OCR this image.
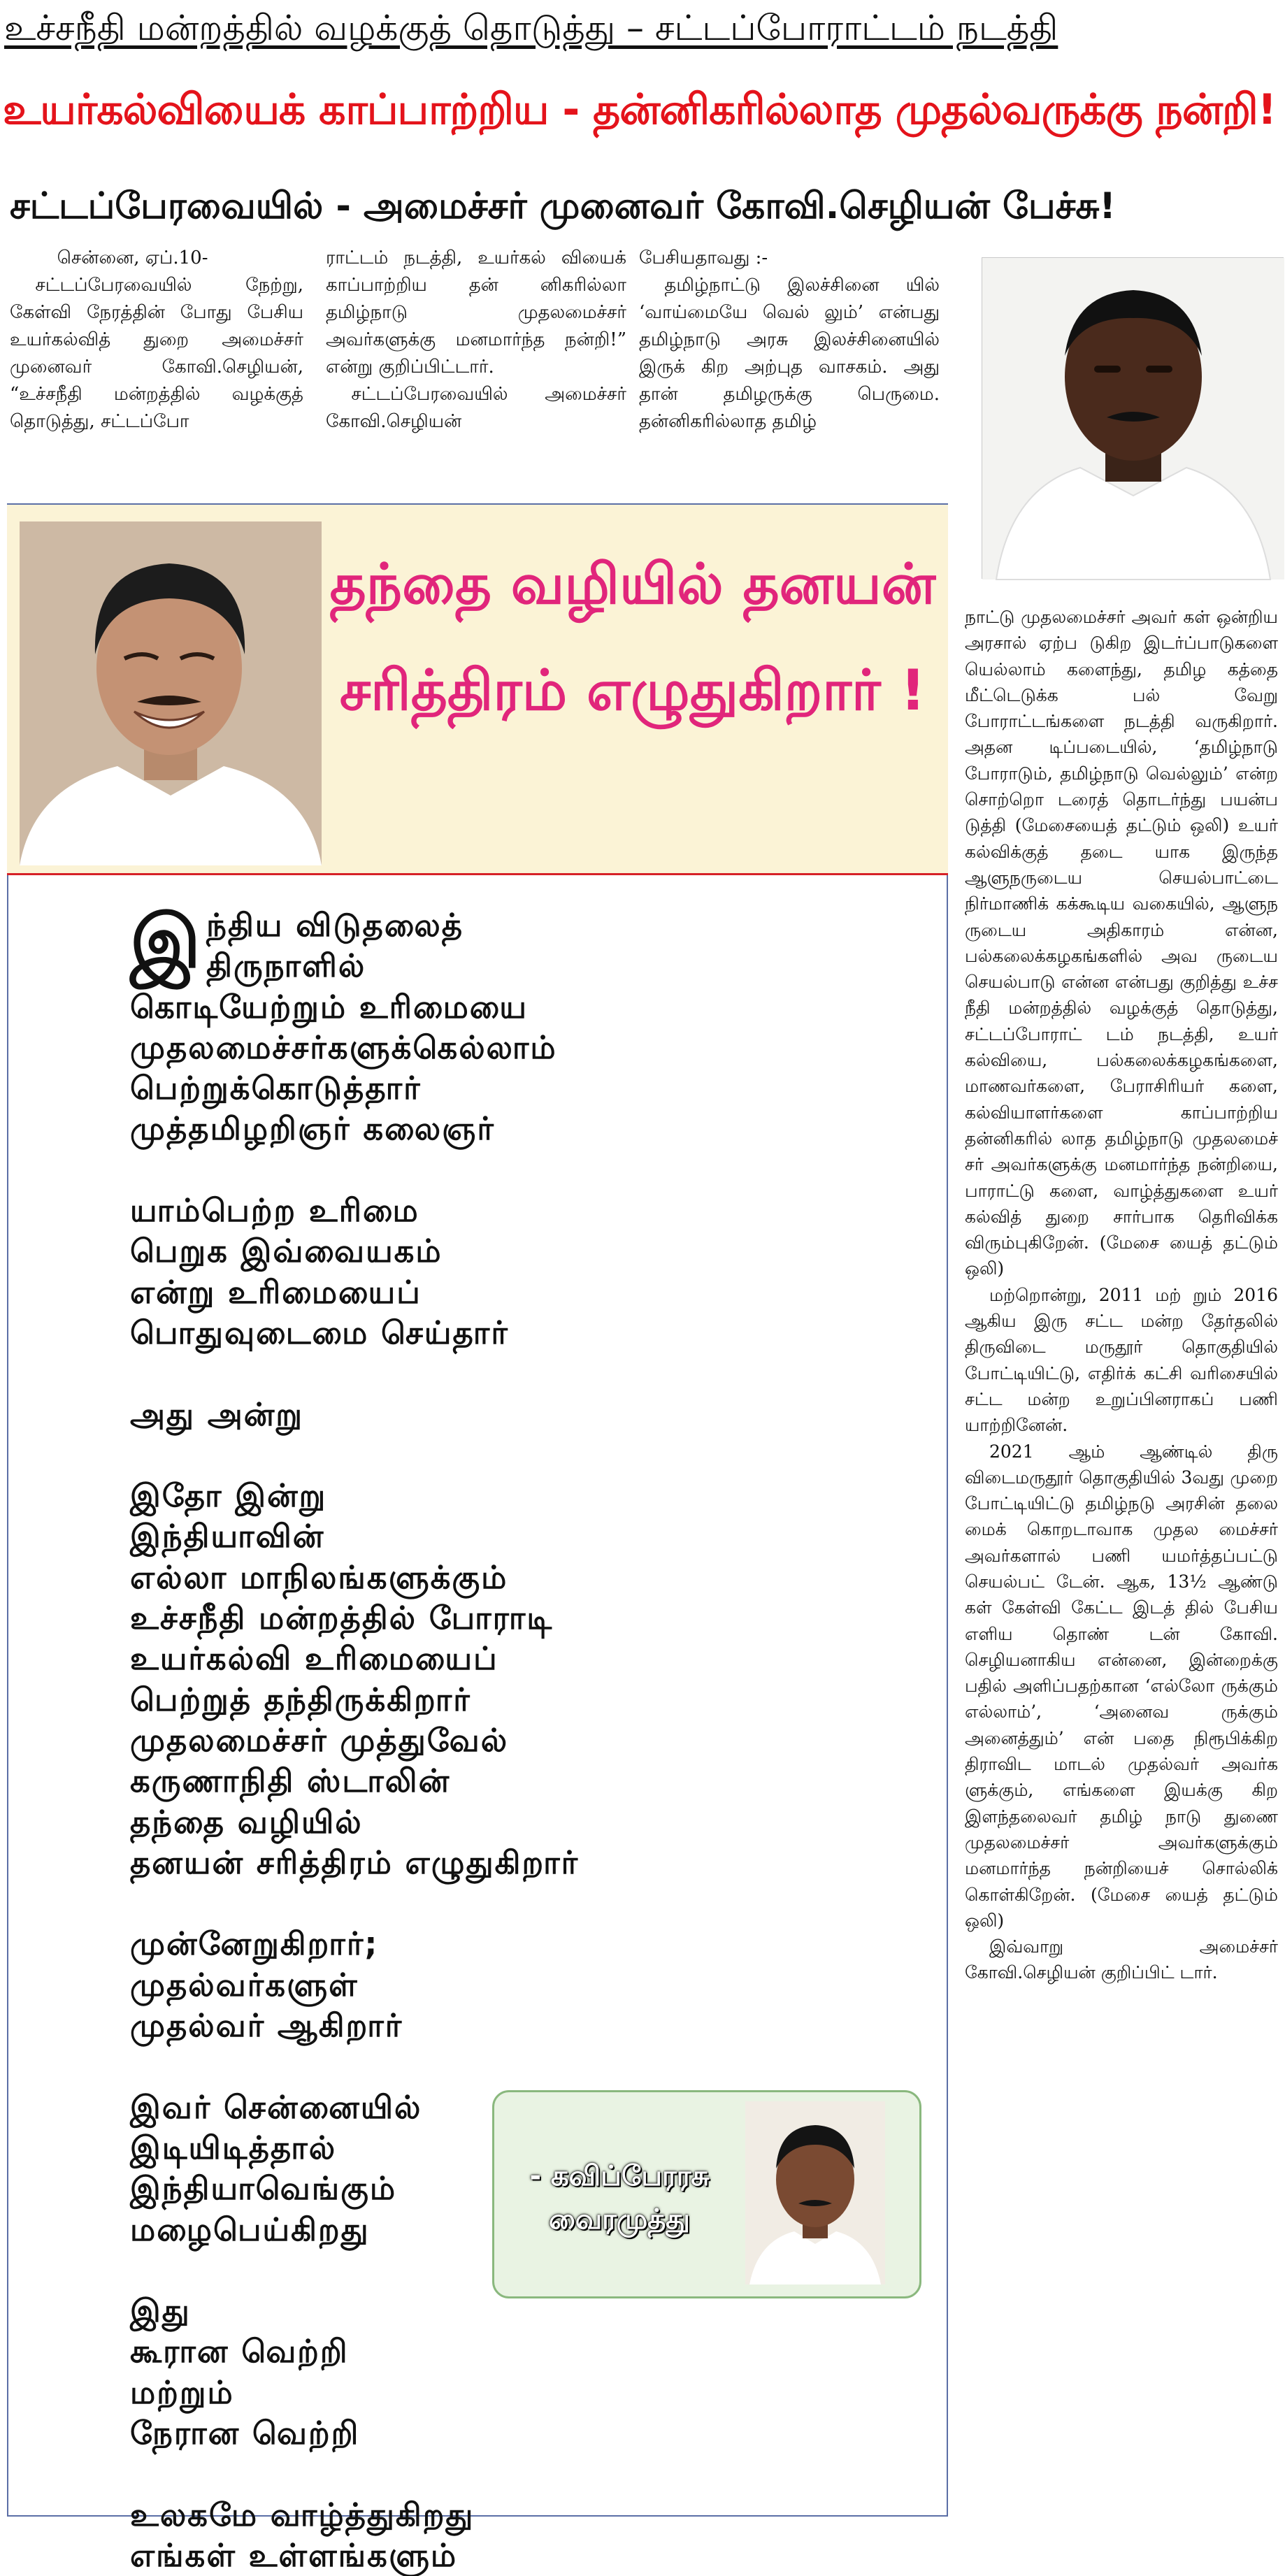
உச்சநீதி மன்றத்தில் வழக்குத் தொடுத்து – சட்டப்போராட்டம் நடத்தி
உயர்கல்வியைக் காப்பாற்றிய - தன்னிகரில்லாத முதல்வருக்கு நன்றி!
சட்டப்பேரவையில் - அமைச்சர் முனைவர் கோவி.செழியன் பேச்சு!

சென்னை, ஏப்.10-

சட்டப்பேரவையில் நேற்று, கேள்வி நேரத்தின் போது பேசிய உயர்கல்வித் துறை அமைச்சர் முனைவர் கோவி.செழியன், “உச்சநீதி மன்றத்தில் வழக்குத் தொடுத்து, சட்டப்போ

ராட்டம் நடத்தி, உயர்கல் வியைக் காப்பாற்றிய தன் னிகரில்லா தமிழ்நாடு முதலமைச்சர் அவர்களுக்கு மனமார்ந்த நன்றி!” என்று குறிப்பிட்டார்.

சட்டப்பேரவையில் அமைச்சர் கோவி.செழியன்

பேசியதாவது :-

தமிழ்நாட்டு இலச்சினை யில் ‘வாய்மையே வெல் லும்’ என்பது தமிழ்நாடு அரசு இலச்சினையில் இருக் கிற அற்புத வாசகம். அது தான் தமிழருக்கு பெருமை. தன்னிகரில்லாத தமிழ்

தந்தை வழியில் தனயன்
சரித்திரம் எழுதுகிறார் !
இ ந்திய விடுதலைத்
திருநாளில்
கொடியேற்றும் உரிமையை
முதலமைச்சர்களுக்கெல்லாம்
பெற்றுக்கொடுத்தார்
முத்தமிழறிஞர் கலைஞர்
யாம்பெற்ற உரிமை
பெறுக இவ்வையகம்
என்று உரிமையைப்
பொதுவுடைமை செய்தார்
அது அன்று
இதோ இன்று
இந்தியாவின்
எல்லா மாநிலங்களுக்கும்
உச்சநீதி மன்றத்தில் போராடி
உயர்கல்வி உரிமையைப்
பெற்றுத் தந்திருக்கிறார்
முதலமைச்சர் முத்துவேல்
கருணாநிதி ஸ்டாலின்
தந்தை வழியில்
தனயன் சரித்திரம் எழுதுகிறார்
முன்னேறுகிறார்;
முதல்வர்களுள்
முதல்வர் ஆகிறார்
இவர் சென்னையில்
இடியிடித்தால்
இந்தியாவெங்கும்
மழைபெய்கிறது
இது
கூரான வெற்றி
மற்றும்
நேரான வெற்றி
உலகமே வாழ்த்துகிறது
எங்கள் உள்ளங்களும்
- கவிப்பேரரசு
வைரமுத்து

நாட்டு முதலமைச்சர் அவர் கள் ஒன்றிய அரசால் ஏற்ப டுகிற இடர்ப்பாடுகளை யெல்லாம் களைந்து, தமிழ கத்தை மீட்டெடுக்க பல் வேறு போராட்டங்களை நடத்தி வருகிறார். அதன டிப்படையில், ‘தமிழ்நாடு போராடும், தமிழ்நாடு வெல்லும்’ என்ற சொற்றொ டரைத் தொடர்ந்து பயன்ப டுத்தி (மேசையைத் தட்டும் ஒலி) உயர் கல்விக்குத் தடை யாக இருந்த ஆளுநருடைய செயல்பாட்டை நிர்மாணிக் கக்கூடிய வகையில், ஆளுந ருடைய அதிகாரம் என்ன, பல்கலைக்கழகங்களில் அவ ருடைய செயல்பாடு என்ன என்பது குறித்து உச்ச நீதி மன்றத்தில் வழக்குத் தொடுத்து, சட்டப்போராட் டம் நடத்தி, உயர் கல்வியை, பல்கலைக்கழகங்களை, மாணவர்களை, பேராசிரியர் களை, கல்வியாளர்களை காப்பாற்றிய தன்னிகரில் லாத தமிழ்நாடு முதலமைச் சர் அவர்களுக்கு மனமார்ந்த நன்றியை, பாராட்டு களை, வாழ்த்துகளை உயர் கல்வித் துறை சார்பாக தெரிவிக்க விரும்புகிறேன். (மேசை யைத் தட்டும் ஒலி)

மற்றொன்று, 2011 மற் றும் 2016 ஆகிய இரு சட்ட மன்ற தேர்தலில் திருவிடை மருதூர் தொகுதியில் போட்டியிட்டு, எதிர்க் கட்சி வரிசையில் சட்ட மன்ற உறுப்பினராகப் பணி யாற்றினேன்.

2021 ஆம் ஆண்டில் திரு விடைமருதூர் தொகுதியில் 3வது முறை போட்டியிட்டு தமிழ்நடு அரசின் தலை மைக் கொறடாவாக முதல மைச்சர் அவர்களால் பணி யமர்த்தப்பட்டு செயல்பட் டேன். ஆக, 13½ ஆண்டு கள் கேள்வி கேட்ட இடத் தில் பேசிய எளிய தொண் டன் கோவி. செழியனாகிய என்னை, இன்றைக்கு பதில் அளிப்பதற்கான ‘எல்லோ ருக்கும் எல்லாம்’, ‘அனைவ ருக்கும் அனைத்தும்’ என் பதை நிரூபிக்கிற திராவிட மாடல் முதல்வர் அவர்க ளுக்கும், எங்களை இயக்கு கிற இளந்தலைவர் தமிழ் நாடு துணை முதலமைச்சர் அவர்களுக்கும் மனமார்ந்த நன்றியைச் சொல்லிக் கொள்கிறேன். (மேசை யைத் தட்டும் ஒலி)

இவ்வாறு அமைச்சர் கோவி.செழியன் குறிப்பிட் டார்.
